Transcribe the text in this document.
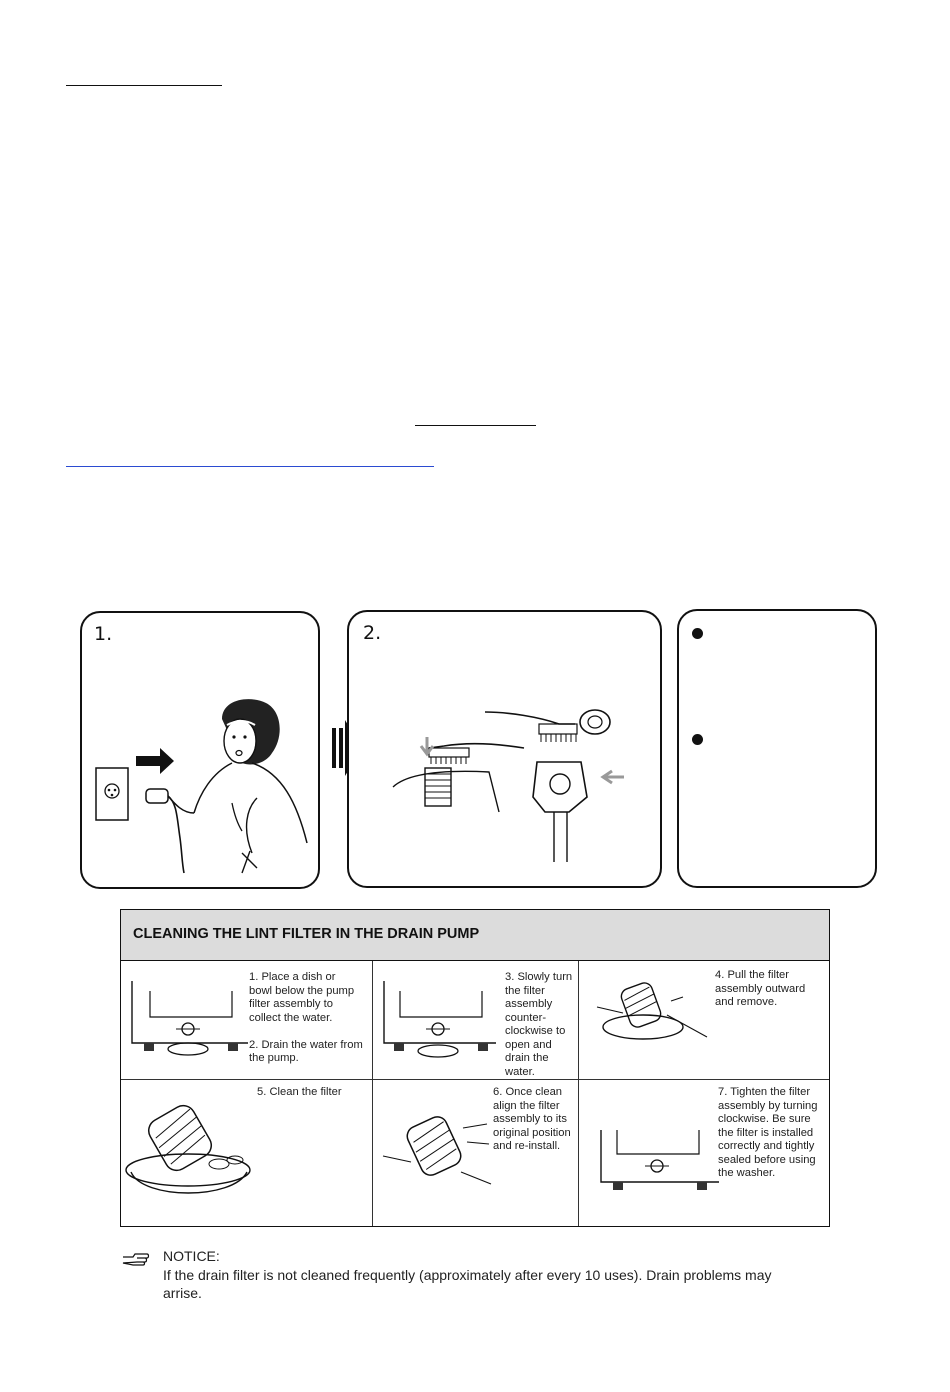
1.	2.
CLEANING THE LINT FILTER IN THE DRAIN PUMP
1. Place a dish or
bowl below the pump
filter assembly to
collect the water.

2. Drain the water from
the pump.
3. Slowly turn
the filter
assembly
counter-
clockwise to
open and
drain the
water.
4. Pull the filter
assembly outward
and remove.
5. Clean the filter	6. Once clean
align the filter
assembly to its
original position
and re-install.
7. Tighten the filter
assembly by turning
clockwise. Be sure
the filter is installed
correctly and tightly
sealed before using
the washer.
NOTICE:
If the drain filter is not cleaned frequently (approximately after every 10 uses). Drain problems may arrise.
